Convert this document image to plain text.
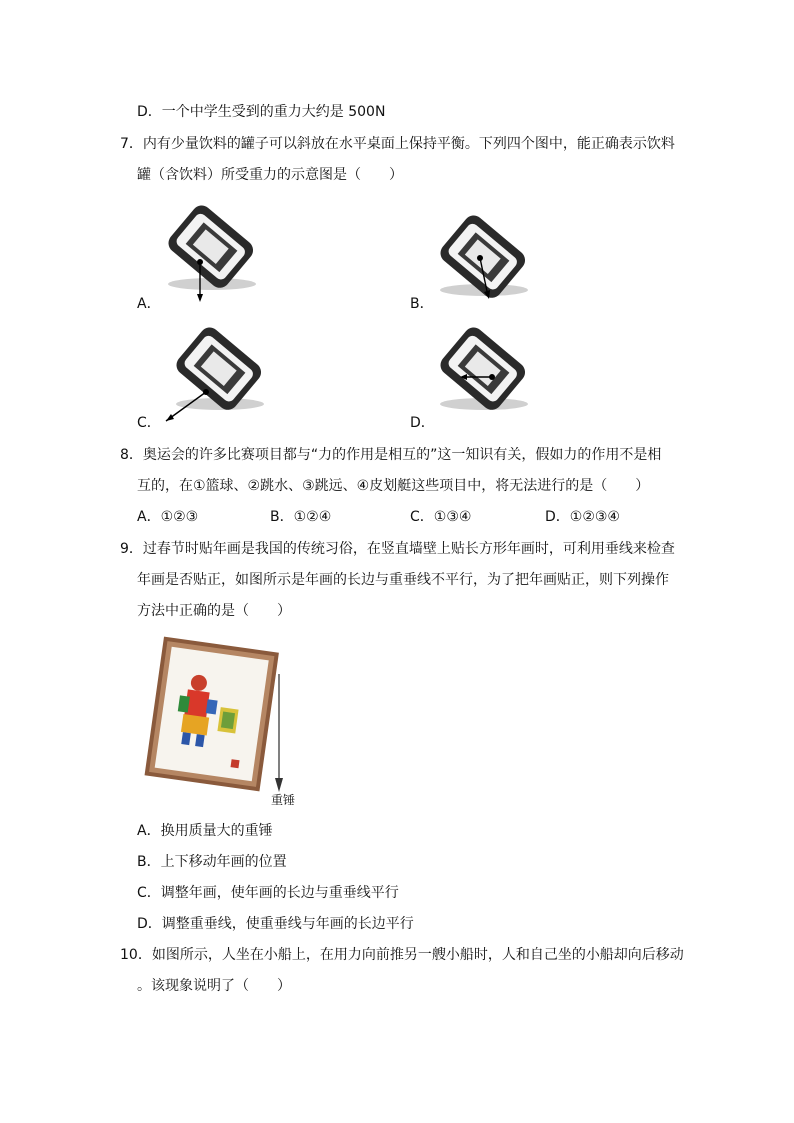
D．一个中学生受到的重力大约是 500N
7．内有少量饮料的罐子可以斜放在水平桌面上保持平衡。下列四个图中，能正确表示饮料
罐（含饮料）所受重力的示意图是（　　）
A．	B．
C．	D．
8．奥运会的许多比赛项目都与“力的作用是相互的”这一知识有关，假如力的作用不是相
互的，在①篮球、②跳水、③跳远、④皮划艇这些项目中，将无法进行的是（　　）
A．①②③	B．①②④	C．①③④	D．①②③④
9．过春节时贴年画是我国的传统习俗，在竖直墙壁上贴长方形年画时，可利用垂线来检查
年画是否贴正，如图所示是年画的长边与重垂线不平行，为了把年画贴正，则下列操作
方法中正确的是（　　）
重锤
A．换用质量大的重锤
B．上下移动年画的位置
C．调整年画，使年画的长边与重垂线平行
D．调整重垂线，使重垂线与年画的长边平行
10．如图所示，人坐在小船上，在用力向前推另一艘小船时，人和自己坐的小船却向后移动
。该现象说明了（　　）
